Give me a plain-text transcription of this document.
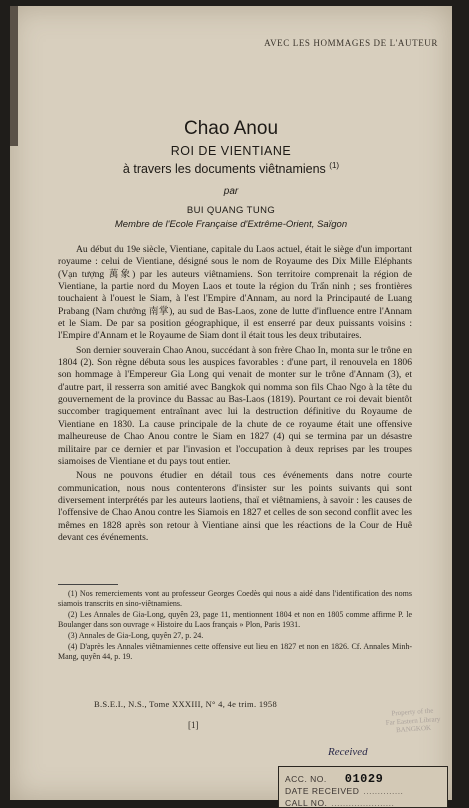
AVEC LES HOMMAGES DE L'AUTEUR
Chao Anou
ROI DE VIENTIANE
à travers les documents viêtnamiens $^{(1)}$
par
BUI QUANG TUNG
Membre de l'Ecole Française d'Extrême-Orient, Saïgon

Au début du 19e siècle, Vientiane, capitale du Laos actuel, était le siège d'un important royaume : celui de Vientiane, désigné sous le nom de Royaume des Dix Mille Eléphants (Vạn tượng 萬象) par les auteurs viêtnamiens. Son territoire comprenait la région de Vientiane, la partie nord du Moyen Laos et toute la région du Trấn ninh ; ses frontières touchaient à l'ouest le Siam, à l'est l'Empire d'Annam, au nord la Principauté de Luang Prabang (Nam chưởng 南掌), au sud de Bas-Laos, zone de lutte d'influence entre l'Annam et le Siam. De par sa position géographique, il est enserré par deux puissants voisins : l'Empire d'Annam et le Royaume de Siam dont il était tous les deux tributaires.

Son dernier souverain Chao Anou, succédant à son frère Chao In, monta sur le trône en 1804 (2). Son règne débuta sous les auspices favorables : d'une part, il renouvela en 1806 son hommage à l'Empereur Gia Long qui venait de monter sur le trône d'Annam (3), et d'autre part, il resserra son amitié avec Bangkok qui nomma son fils Chao Ngo à la tête du gouvernement de la province du Bassac au Bas-Laos (1819). Pourtant ce roi devait bientôt succomber tragiquement entraînant avec lui la destruction définitive du Royaume de Vientiane en 1830. La cause principale de la chute de ce royaume était une offensive malheureuse de Chao Anou contre le Siam en 1827 (4) qui se termina par un désastre militaire par ce dernier et par l'invasion et l'occupation à deux reprises par les troupes siamoises de Vientiane et du pays tout entier.

Nous ne pouvons étudier en détail tous ces événements dans notre courte communication, nous nous contenterons d'insister sur les points suivants qui sont diversement interprétés par les auteurs laotiens, thaï et viêtnamiens, à savoir : les causes de l'offensive de Chao Anou contre les Siamois en 1827 et celles de son second conflit avec les mêmes en 1828 après son retour à Vientiane ainsi que les réactions de la Cour de Huê devant ces événements.

(1) Nos remerciements vont au professeur Georges Coedès qui nous a aidé dans l'identification des noms siamois transcrits en sino-viêtnamiens.

(2) Les Annales de Gia-Long, quyên 23, page 11, mentionnent 1804 et non en 1805 comme affirme P. le Boulanger dans son ouvrage « Histoire du Laos français » Plon, Paris 1931.

(3) Annales de Gia-Long, quyên 27, p. 24.

(4) D'après les Annales viêtnamiennes cette offensive eut lieu en 1827 et non en 1826. Cf. Annales Minh-Mang, quyên 44, p. 19.

B.S.E.I., N.S., Tome XXXIII, N° 4, 4e trim. 1958
[1]
Property of the
Far Eastern Library
BANGKOK
Received
ACC. NO. 01029
DATE RECEIVED ..............
CALL NO. ......................
